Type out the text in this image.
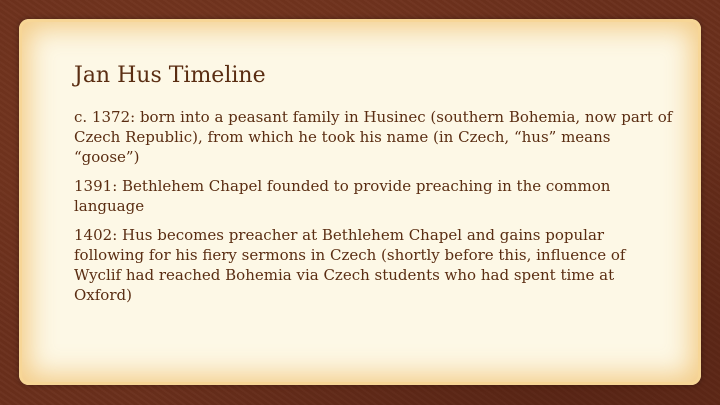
Jan Hus Timeline
c. 1372: born into a peasant family in Husinec (southern Bohemia, now part of Czech Republic), from which he took his name (in Czech, “hus” means “goose”)
1391: Bethlehem Chapel founded to provide preaching in the common language
1402: Hus becomes preacher at Bethlehem Chapel and gains popular following for his fiery sermons in Czech (shortly before this, influence of Wyclif had reached Bohemia via Czech students who had spent time at Oxford)
